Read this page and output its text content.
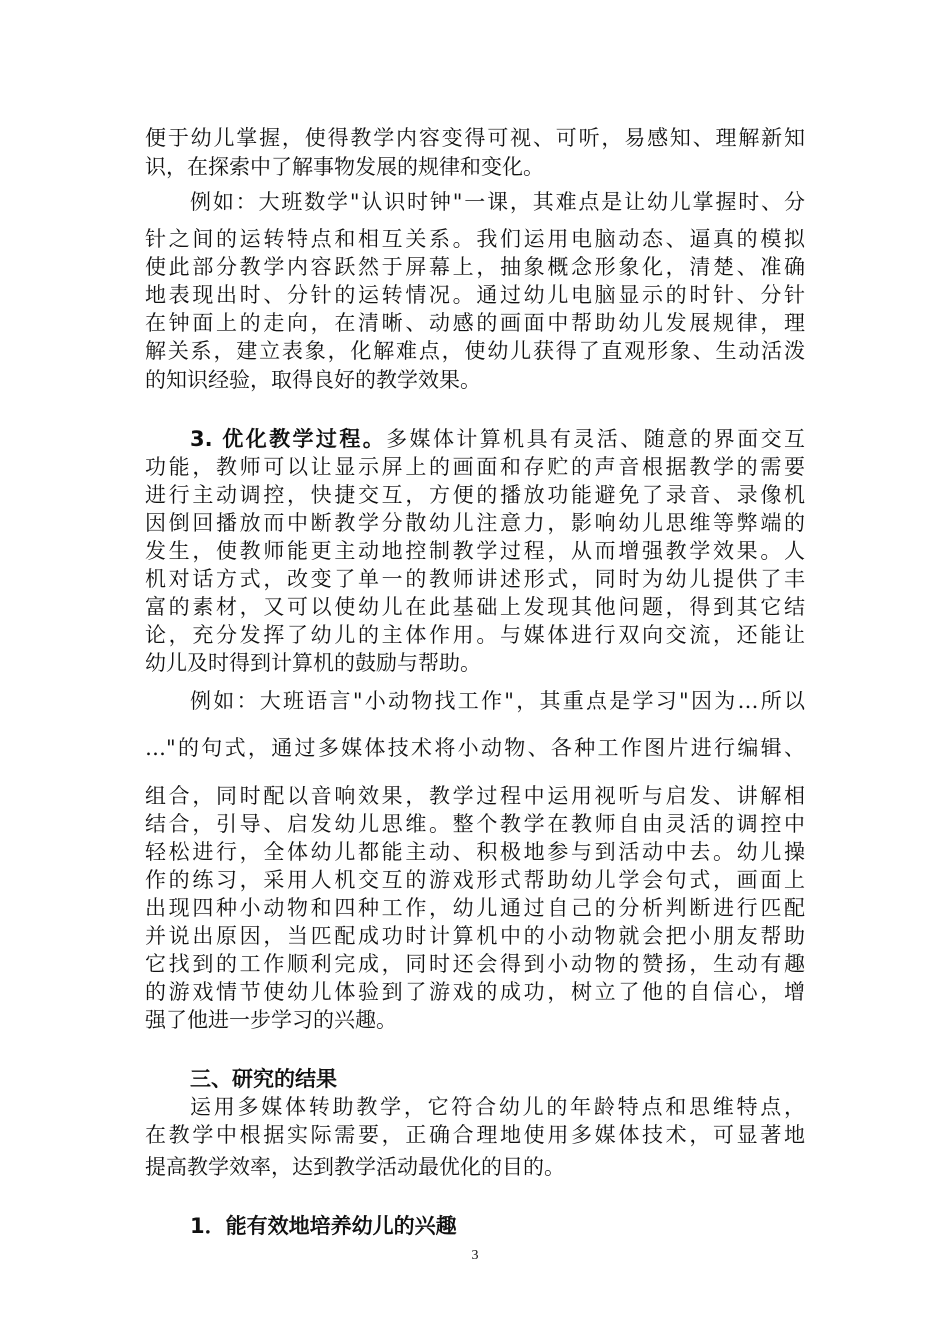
便于幼儿掌握，使得教学内容变得可视、可听，易感知、理解新知
识，在探索中了解事物发展的规律和变化。
例如：大班数学"认识时钟"一课，其难点是让幼儿掌握时、分
针之间的运转特点和相互关系。我们运用电脑动态、逼真的模拟
使此部分教学内容跃然于屏幕上，抽象概念形象化，清楚、准确
地表现出时、分针的运转情况。通过幼儿电脑显示的时针、分针
在钟面上的走向，在清晰、动感的画面中帮助幼儿发展规律，理
解关系，建立表象，化解难点，使幼儿获得了直观形象、生动活泼
的知识经验，取得良好的教学效果。
3. 优化教学过程。多媒体计算机具有灵活、随意的界面交互
功能，教师可以让显示屏上的画面和存贮的声音根据教学的需要
进行主动调控，快捷交互，方便的播放功能避免了录音、录像机
因倒回播放而中断教学分散幼儿注意力，影响幼儿思维等弊端的
发生，使教师能更主动地控制教学过程，从而增强教学效果。人
机对话方式，改变了单一的教师讲述形式，同时为幼儿提供了丰
富的素材，又可以使幼儿在此基础上发现其他问题，得到其它结
论，充分发挥了幼儿的主体作用。与媒体进行双向交流，还能让
幼儿及时得到计算机的鼓励与帮助。
例如：大班语言"小动物找工作"，其重点是学习"因为…所以
…"的句式，通过多媒体技术将小动物、各种工作图片进行编辑、
组合，同时配以音响效果，教学过程中运用视听与启发、讲解相
结合，引导、启发幼儿思维。整个教学在教师自由灵活的调控中
轻松进行，全体幼儿都能主动、积极地参与到活动中去。幼儿操
作的练习，采用人机交互的游戏形式帮助幼儿学会句式，画面上
出现四种小动物和四种工作，幼儿通过自己的分析判断进行匹配
并说出原因，当匹配成功时计算机中的小动物就会把小朋友帮助
它找到的工作顺利完成，同时还会得到小动物的赞扬，生动有趣
的游戏情节使幼儿体验到了游戏的成功，树立了他的自信心，增
强了他进一步学习的兴趣。
三、研究的结果
运用多媒体转助教学，它符合幼儿的年龄特点和思维特点，
在教学中根据实际需要，正确合理地使用多媒体技术，可显著地
提高教学效率，达到教学活动最优化的目的。
1．能有效地培养幼儿的兴趣
3
